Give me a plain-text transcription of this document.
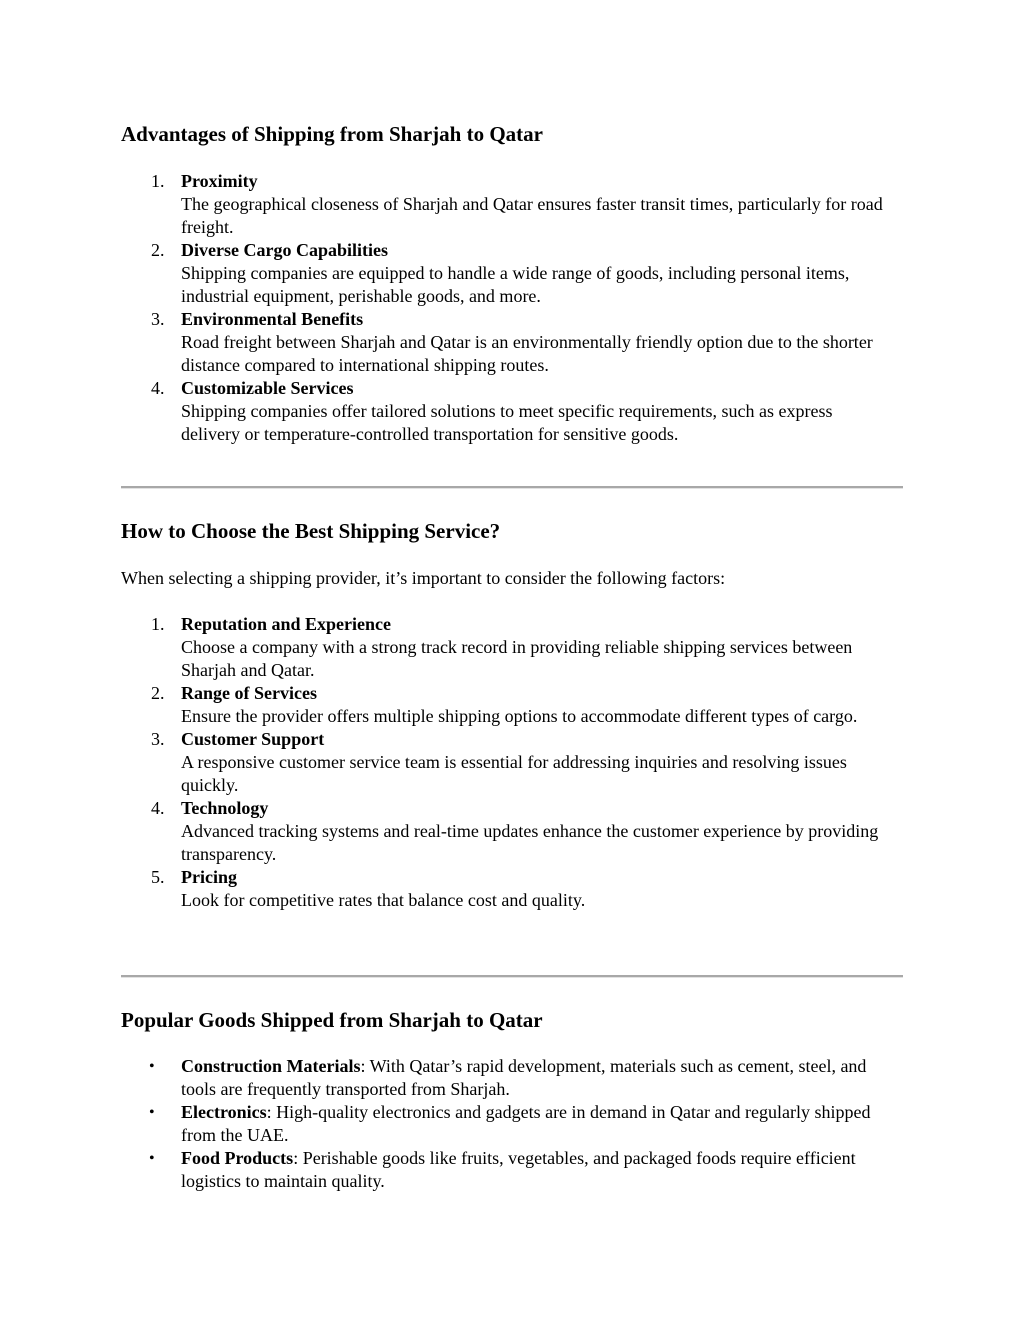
Advantages of Shipping from Sharjah to Qatar
1. Proximity
The geographical closeness of Sharjah and Qatar ensures faster transit times, particularly for road freight.
2. Diverse Cargo Capabilities
Shipping companies are equipped to handle a wide range of goods, including personal items, industrial equipment, perishable goods, and more.
3. Environmental Benefits
Road freight between Sharjah and Qatar is an environmentally friendly option due to the shorter distance compared to international shipping routes.
4. Customizable Services
Shipping companies offer tailored solutions to meet specific requirements, such as express delivery or temperature-controlled transportation for sensitive goods.
How to Choose the Best Shipping Service?

When selecting a shipping provider, it’s important to consider the following factors:

1. Reputation and Experience
Choose a company with a strong track record in providing reliable shipping services between Sharjah and Qatar.
2. Range of Services
Ensure the provider offers multiple shipping options to accommodate different types of cargo.
3. Customer Support
A responsive customer service team is essential for addressing inquiries and resolving issues quickly.
4. Technology
Advanced tracking systems and real-time updates enhance the customer experience by providing transparency.
5. Pricing
Look for competitive rates that balance cost and quality.
Popular Goods Shipped from Sharjah to Qatar
• Construction Materials: With Qatar’s rapid development, materials such as cement, steel, and tools are frequently transported from Sharjah.
• Electronics: High-quality electronics and gadgets are in demand in Qatar and regularly shipped from the UAE.
• Food Products: Perishable goods like fruits, vegetables, and packaged foods require efficient logistics to maintain quality.
